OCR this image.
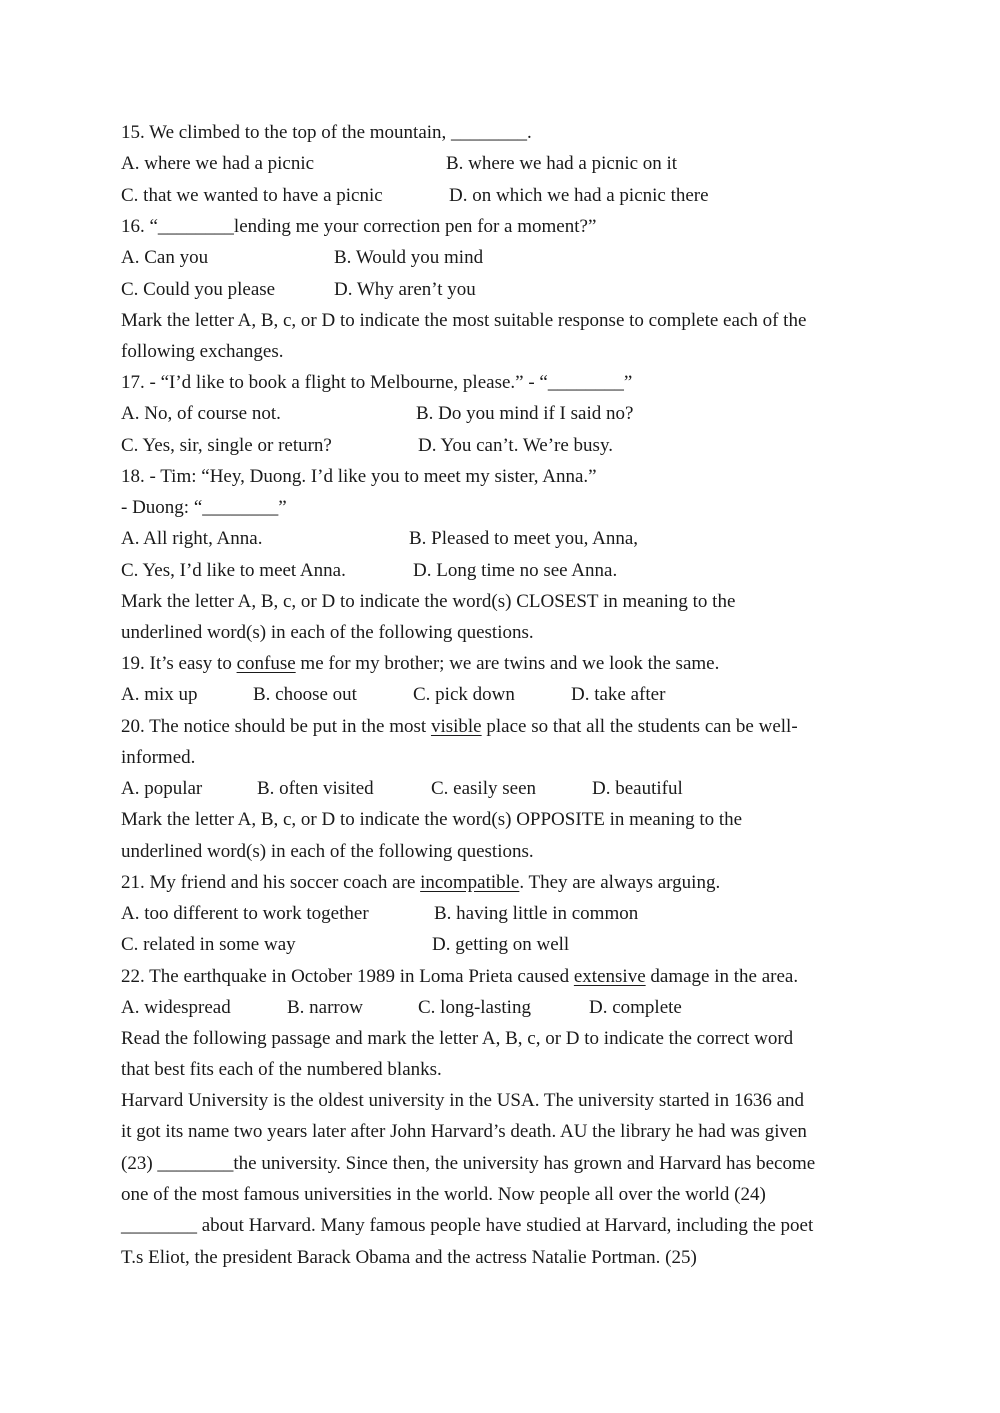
15. We climbed to the top of the mountain, ________.
A. where we had a picnic	B. where we had a picnic on it
C. that we wanted to have a picnic	D. on which we had a picnic there
16. “________lending me your correction pen for a moment?”
A. Can you	B. Would you mind
C. Could you please	D. Why aren’t you
Mark the letter A, B, c, or D to indicate the most suitable response to complete each of the
following exchanges.
17. - “I’d like to book a flight to Melbourne, please.” - “________”
A. No, of course not.	B. Do you mind if I said no?
C. Yes, sir, single or return?	D. You can’t. We’re busy.
18. - Tim: “Hey, Duong. I’d like you to meet my sister, Anna.”
- Duong: “________”
A. All right, Anna.	B. Pleased to meet you, Anna,
C. Yes, I’d like to meet Anna.	D. Long time no see Anna.
Mark the letter A, B, c, or D to indicate the word(s) CLOSEST in meaning to the
underlined word(s) in each of the following questions.
19. It’s easy to confuse me for my brother; we are twins and we look the same.
A. mix up	B. choose out	C. pick down	D. take after
20. The notice should be put in the most visible place so that all the students can be well-
informed.
A. popular	B. often visited	C. easily seen	D. beautiful
Mark the letter A, B, c, or D to indicate the word(s) OPPOSITE in meaning to the
underlined word(s) in each of the following questions.
21. My friend and his soccer coach are incompatible. They are always arguing.
A. too different to work together	B. having little in common
C. related in some way	D. getting on well
22. The earthquake in October 1989 in Loma Prieta caused extensive damage in the area.
A. widespread	B. narrow	C. long-lasting	D. complete
Read the following passage and mark the letter A, B, c, or D to indicate the correct word
that best fits each of the numbered blanks.
Harvard University is the oldest university in the USA. The university started in 1636 and
it got its name two years later after John Harvard’s death. AU the library he had was given
(23) ________the university. Since then, the university has grown and Harvard has become
one of the most famous universities in the world. Now people all over the world (24)
________ about Harvard. Many famous people have studied at Harvard, including the poet
T.s Eliot, the president Barack Obama and the actress Natalie Portman. (25)
